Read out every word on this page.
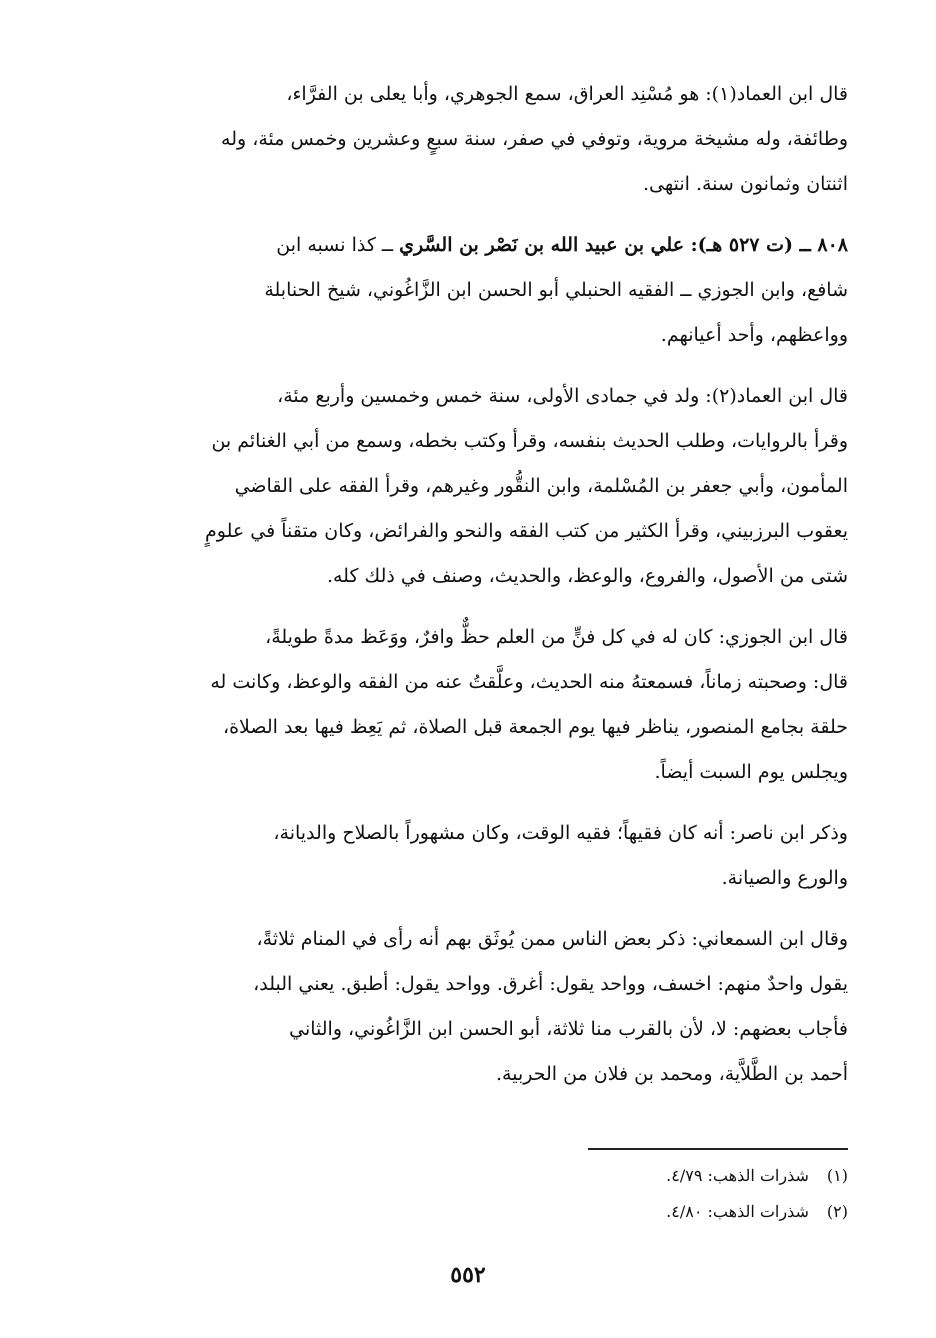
قال ابن العماد(١): هو مُسْنِد العراق، سمع الجوهري، وأبا يعلى بن الفرَّاء،
وطائفة، وله مشيخة مروية، وتوفي في صفر، سنة سبعٍ وعشرين وخمس مئة، وله
اثنتان وثمانون سنة. انتهى.

٨٠٨ ــ (ت ٥٢٧ هـ): علي بن عبيد الله بن نَصْر بن السَّري ــ كذا نسبه ابن
شافع، وابن الجوزي ــ الفقيه الحنبلي أبو الحسن ابن الزَّاغُوني، شيخ الحنابلة
وواعظهم، وأحد أعيانهم.

قال ابن العماد(٢): ولد في جمادى الأولى، سنة خمس وخمسين وأربع مئة،
وقرأ بالروايات، وطلب الحديث بنفسه، وقرأ وكتب بخطه، وسمع من أبي الغنائم بن
المأمون، وأبي جعفر بن المُسْلمة، وابن النقُّور وغيرهم، وقرأ الفقه على القاضي
يعقوب البرزبيني، وقرأ الكثير من كتب الفقه والنحو والفرائض، وكان متقناً في علومٍ
شتى من الأصول، والفروع، والوعظ، والحديث، وصنف في ذلك كله.

قال ابن الجوزي: كان له في كل فنٍّ من العلم حظٌّ وافرٌ، ووَعَظ مدةً طويلةً،
قال: وصحبته زماناً، فسمعتهُ منه الحديث، وعلَّقتُ عنه من الفقه والوعظ، وكانت له
حلقة بجامع المنصور، يناظر فيها يوم الجمعة قبل الصلاة، ثم يَعِظ فيها بعد الصلاة،
ويجلس يوم السبت أيضاً.

وذكر ابن ناصر: أنه كان فقيهاً؛ فقيه الوقت، وكان مشهوراً بالصلاح والديانة،
والورع والصيانة.

وقال ابن السمعاني: ذكر بعض الناس ممن يُوثَق بهم أنه رأى في المنام ثلاثةً،
يقول واحدٌ منهم: اخسف، وواحد يقول: أغرق. وواحد يقول: أطبق. يعني البلد،
فأجاب بعضهم: لا، لأن بالقرب منا ثلاثة، أبو الحسن ابن الزَّاغُوني، والثاني
أحمد بن الطَّلاَّية، ومحمد بن فلان من الحربية.

(١) شذرات الذهب: ٤/٧٩.
(٢) شذرات الذهب: ٤/٨٠.
٥٥٢
